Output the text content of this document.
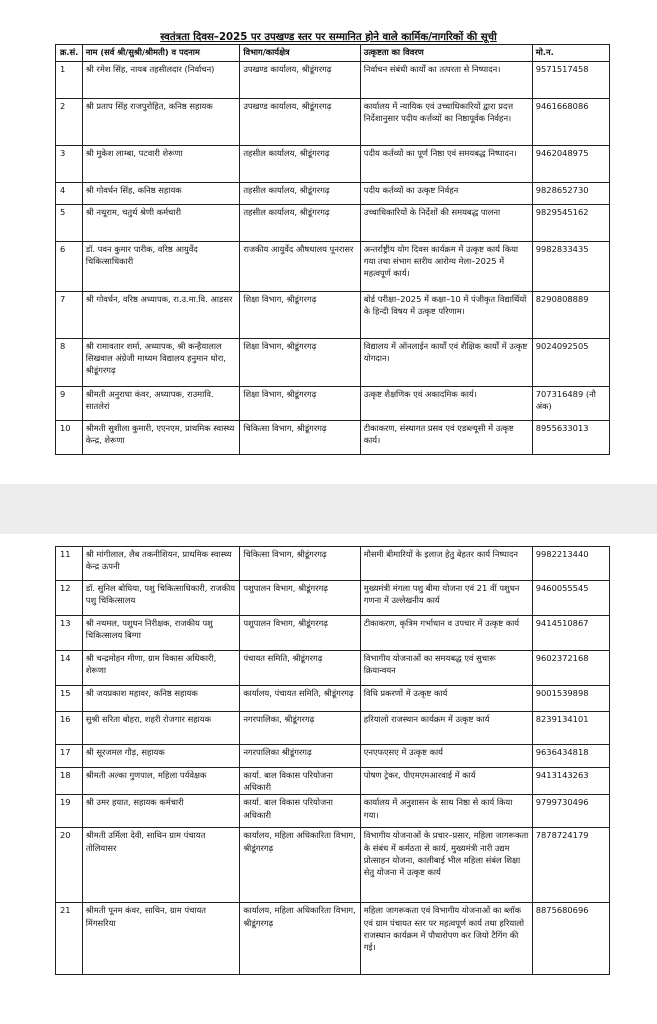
स्वतंत्रता दिवस–2025 पर उपखण्ड स्तर पर सम्मानित होने वाले कार्मिक/नागरिकों की सूची
क्र.सं.	नाम (सर्व श्री/सुश्री/श्रीमती) व पदनाम	विभाग/कार्यक्षेत्र	उत्कृष्टता का विवरण	मो.न.
1	श्री रमेश सिंह, नायब तहसीलदार (निर्वाचन)	उपखण्ड कार्यालय, श्रीडूंगरगढ़	निर्वाचन संबंधी कार्यों का तत्परता से निष्पादन।	9571517458
2	श्री प्रताप सिंह राजपुरोहित, कनिष्ठ सहायक	उपखण्ड कार्यालय, श्रीडूंगरगढ़	कार्यालय में न्यायिक एवं उच्चाधिकारियों द्वारा प्रदत्त निर्देशानुसार पदीय कर्त्तव्यों का निष्ठापूर्वक निर्वहन।	9461668086
3	श्री मुकेश लाम्बा, पटवारी शेरूणा	तहसील कार्यालय, श्रीडूंगरगढ़	पदीय कर्तव्यों का पूर्ण निष्ठा एवं समयबद्ध निष्पादन।	9462048975
4	श्री गोवर्धन सिंह, कनिष्ठ सहायक	तहसील कार्यालय, श्रीडूंगरगढ़	पदीय कर्तव्यों का उत्कृष्ट निर्वहन	9828652730
5	श्री नथूराम, चतुर्थ श्रेणी कर्मचारी	तहसील कार्यालय, श्रीडूंगरगढ़	उच्चाधिकारियों के निर्देशों की समयबद्ध पालना	9829545162
6	डॉ. पवन कुमार पारीक, वरिष्ठ आयुर्वेद चिकित्साधिकारी	राजकीय आयुर्वेद औषधालय पूनरासर	अन्तर्राष्ट्रीय योग दिवस कार्यक्रम में उत्कृष्ट कार्य किया गया तथा संभाग स्तरीय आरोग्य मेला–2025 में महत्वपूर्ण कार्य।	9982833435
7	श्री गोवर्धन, वरिष्ठ अध्यापक, रा.उ.मा.वि. आडसर	शिक्षा विभाग, श्रीडूंगरगढ़	बोर्ड परीक्षा–2025 में कक्षा–10 में पंजीकृत विद्यार्थियों के हिन्दी विषय में उत्कृष्ट परिणाम।	8290808889
8	श्री रामावतार शर्मा, अध्यापक, श्री कन्हैयालाल सिखवाल अंग्रेजी माध्यम विद्यालय हनुमान धोरा, श्रीडूंगरगढ़	शिक्षा विभाग, श्रीडूंगरगढ़	विद्यालय में ऑनलाईन कार्यों एवं शैक्षिक कार्यों में उत्कृष्ट योगदान।	9024092505
9	श्रीमती अनुराधा कंवर, अध्यापक, राउमावि. सातलेरां	शिक्षा विभाग, श्रीडूंगरगढ़	उत्कृष्ट शैक्षणिक एवं अकादमिक कार्य।	707316489 (नौ अंक)
10	श्रीमती सुशीला कुमारी, एएनएम, प्राथमिक स्वास्थ्य केन्द्र, शेरूणा	चिकित्सा विभाग, श्रीडूंगरगढ़	टीकाकरण, संस्थागत प्रसव एवं एडब्ल्यूसी में उत्कृष्ट कार्य।	8955633013
11	श्री मांगीलाल, लैब तकनीशियन, प्राथमिक स्वास्थ्य केन्द्र ऊपनी	चिकित्सा विभाग, श्रीडूंगरगढ़	मौसमी बीमारियों के इलाज हेतु बेहतर कार्य निष्पादन	9982213440
12	डॉ. सुनिल बोघिया, पशु चिकित्साधिकारी, राजकीय पशु चिकित्सालय	पशुपालन विभाग, श्रीडूंगरगढ़	मुख्यमंत्री मंगला पशु बीमा योजना एवं 21 वीं पशुधन गणना में उल्लेखनीय कार्य	9460055545
13	श्री नथमल, पशुधन निरीक्षक, राजकीय पशु चिकित्सालय बिग्गा	पशुपालन विभाग, श्रीडूंगरगढ़	टीकाकरण, कृत्रिम गर्भाधान व उपचार में उत्कृष्ट कार्य	9414510867
14	श्री चन्द्रमोहन मीणा, ग्राम विकास अधिकारी, शेरूणा	पंचायत समिति, श्रीडूंगरगढ़	विभागीय योजनाओं का समयबद्ध एवं सुचारू क्रियान्वयन	9602372168
15	श्री जयप्रकाश महावर, कनिष्ठ सहायक	कार्यालय, पंचायत समिति, श्रीडूंगरगढ़	विधि प्रकरणों में उत्कृष्ट कार्य	9001539898
16	सुश्री सरिता बोहरा, शहरी रोजगार सहायक	नगरपालिका, श्रीडूंगरगढ़	हरियालो राजस्थान कार्यक्रम में उत्कृष्ट कार्य	8239134101
17	श्री सूरजमल गौड़, सहायक	नगरपालिका श्रीडूंगरगढ़	एनएफएसए में उत्कृष्ट कार्य	9636434818
18	श्रीमती अल्का गुणपाल, महिला पर्यवेक्षक	कार्या. बाल विकास परियोजना अधिकारी	पोषण ट्रेकर, पीएमएमआरवाई में कार्य	9413143263
19	श्री उमर हयात, सहायक कर्मचारी	कार्या. बाल विकास परियोजना अधिकारी	कार्यालय में अनुशासन के साथ निष्ठा से कार्य किया गया।	9799730496
20	श्रीमती उर्मिला देवी, साथिन ग्राम पंचायत तोलियासर	कार्यालय, महिला अधिकारिता विभाग, श्रीडूंगरगढ़	विभागीय योजनाओं के प्रचार–प्रसार, महिला जागरूकता के संबंध में कर्मठता से कार्य, मुख्यमंत्री नारी उद्यम प्रोत्साहन योजना, कालीबाई भील महिला संबंल शिक्षा सेतु योजना में उत्कृष्ट कार्य	7878724179
21	श्रीमती पूनम कंवर, साथिन, ग्राम पंचायत मिंगसरिया	कार्यालय, महिला अधिकारिता विभाग, श्रीडूंगरगढ़	महिला जागरूकता एवं विभागीय योजनाओं का ब्लॉक एवं ग्राम पंचायत स्तर पर महत्वपूर्ण कार्य तथा हरियालो राजस्थान कार्यक्रम में पौधारोपण कर जियो टैगिंग की गई।	8875680696
